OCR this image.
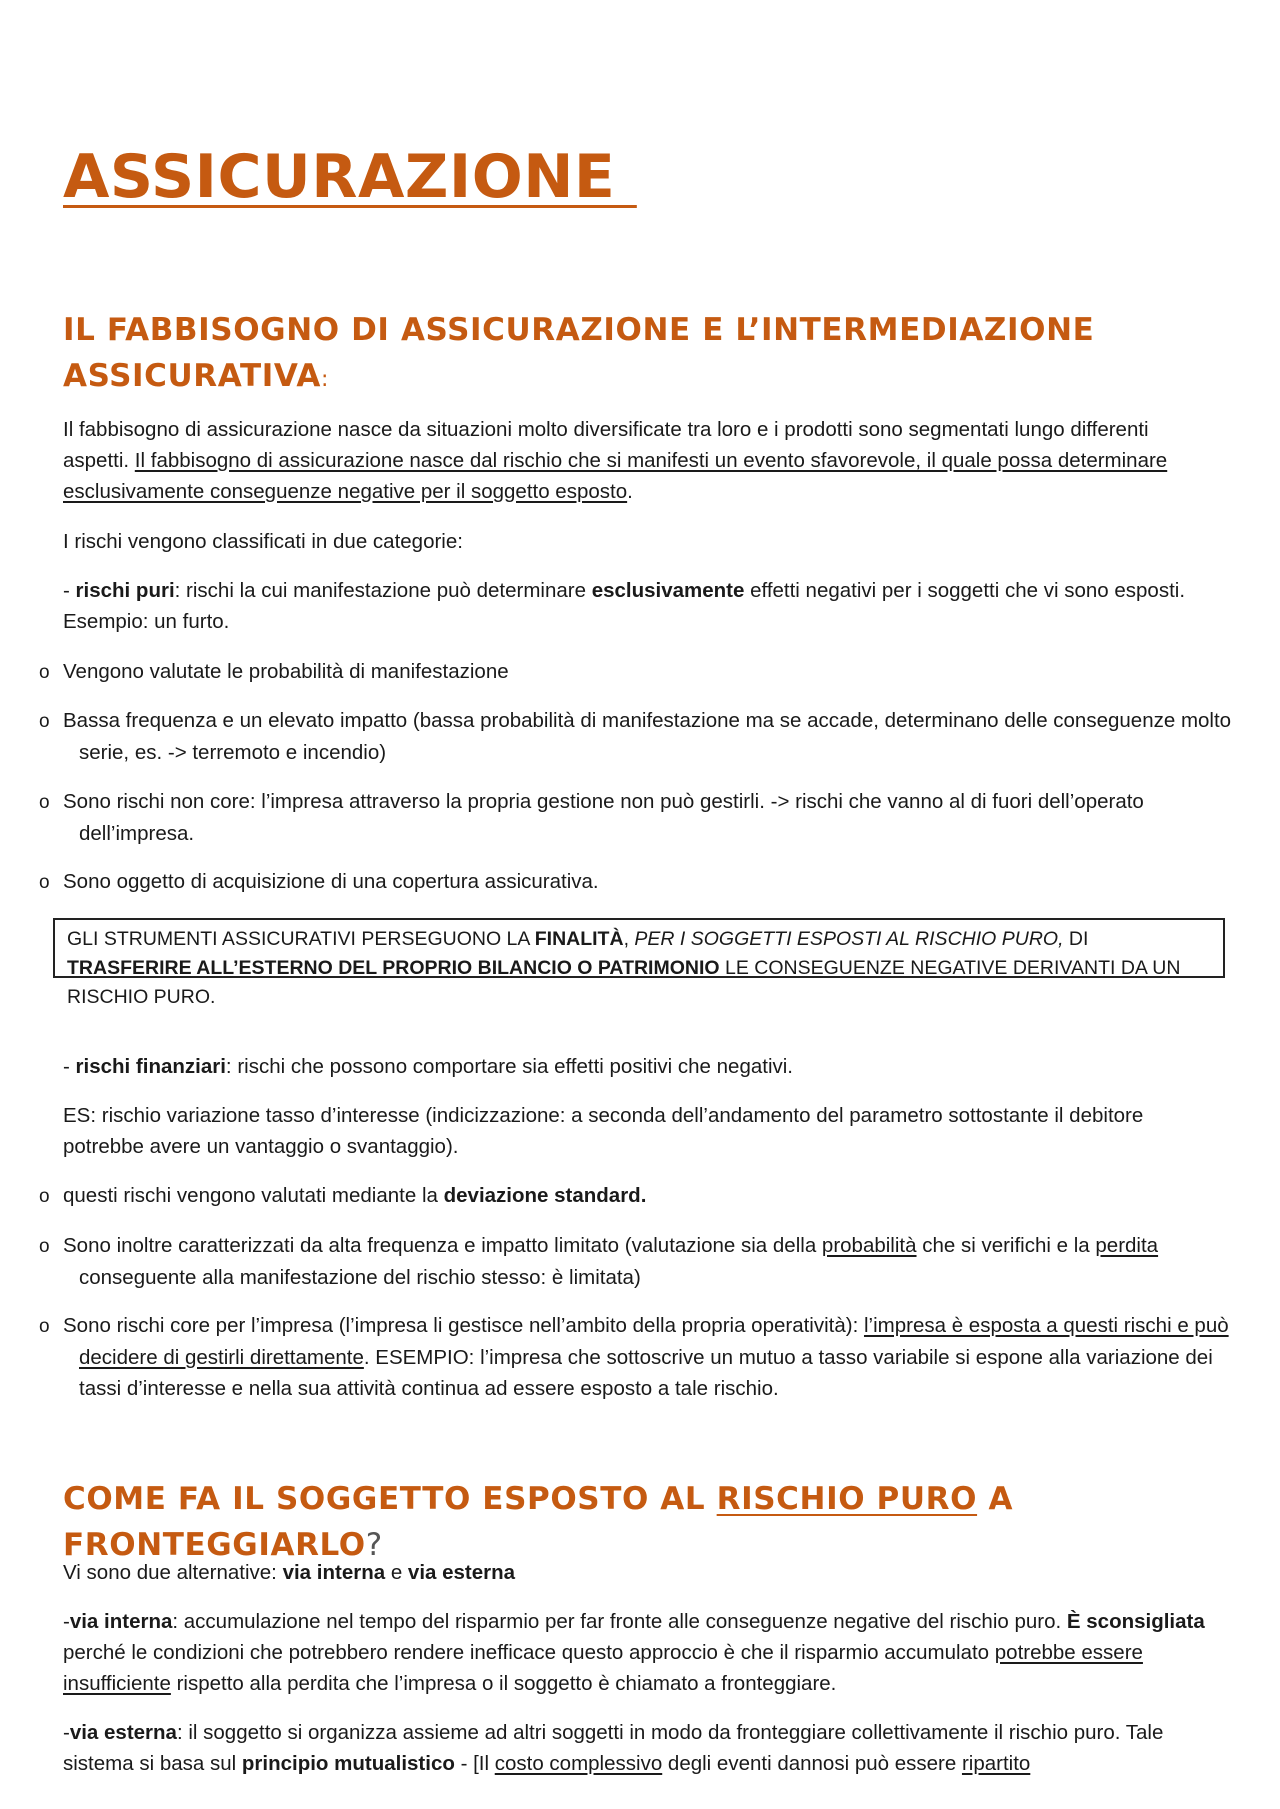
ASSICURAZIONE
IL FABBISOGNO DI ASSICURAZIONE E L’INTERMEDIAZIONE
ASSICURATIVA:

Il fabbisogno di assicurazione nasce da situazioni molto diversificate tra loro e i prodotti sono segmentati lungo differenti aspetti. Il fabbisogno di assicurazione nasce dal rischio che si manifesti un evento sfavorevole, il quale possa determinare esclusivamente conseguenze negative per il soggetto esposto.

I rischi vengono classificati in due categorie:

- rischi puri: rischi la cui manifestazione può determinare esclusivamente effetti negativi per i soggetti che vi sono esposti. Esempio: un furto.

o Vengono valutate le probabilità di manifestazione

o Bassa frequenza e un elevato impatto (bassa probabilità di manifestazione ma se accade, determinano delle conseguenze molto serie, es. -> terremoto e incendio)

o Sono rischi non core: l’impresa attraverso la propria gestione non può gestirli. -> rischi che vanno al di fuori dell’operato dell’impresa.

o Sono oggetto di acquisizione di una copertura assicurativa.

GLI STRUMENTI ASSICURATIVI PERSEGUONO LA FINALITÀ, PER I SOGGETTI ESPOSTI AL RISCHIO PURO, DI TRASFERIRE ALL’ESTERNO DEL PROPRIO BILANCIO O PATRIMONIO LE CONSEGUENZE NEGATIVE DERIVANTI DA UN RISCHIO PURO.

- rischi finanziari: rischi che possono comportare sia effetti positivi che negativi.

ES: rischio variazione tasso d’interesse (indicizzazione: a seconda dell’andamento del parametro sottostante il debitore potrebbe avere un vantaggio o svantaggio).

o questi rischi vengono valutati mediante la deviazione standard.

o Sono inoltre caratterizzati da alta frequenza e impatto limitato (valutazione sia della probabilità che si verifichi e la perdita conseguente alla manifestazione del rischio stesso: è limitata)

o Sono rischi core per l’impresa (l’impresa li gestisce nell’ambito della propria operatività): l’impresa è esposta a questi rischi e può decidere di gestirli direttamente. ESEMPIO: l’impresa che sottoscrive un mutuo a tasso variabile si espone alla variazione dei tassi d’interesse e nella sua attività continua ad essere esposto a tale rischio.

COME FA IL SOGGETTO ESPOSTO AL RISCHIO PURO A
FRONTEGGIARLO?

Vi sono due alternative: via interna e via esterna

-via interna: accumulazione nel tempo del risparmio per far fronte alle conseguenze negative del rischio puro. È sconsigliata perché le condizioni che potrebbero rendere inefficace questo approccio è che il risparmio accumulato potrebbe essere insufficiente rispetto alla perdita che l’impresa o il soggetto è chiamato a fronteggiare.

-via esterna: il soggetto si organizza assieme ad altri soggetti in modo da fronteggiare collettivamente il rischio puro. Tale sistema si basa sul principio mutualistico - [Il costo complessivo degli eventi dannosi può essere ripartito
